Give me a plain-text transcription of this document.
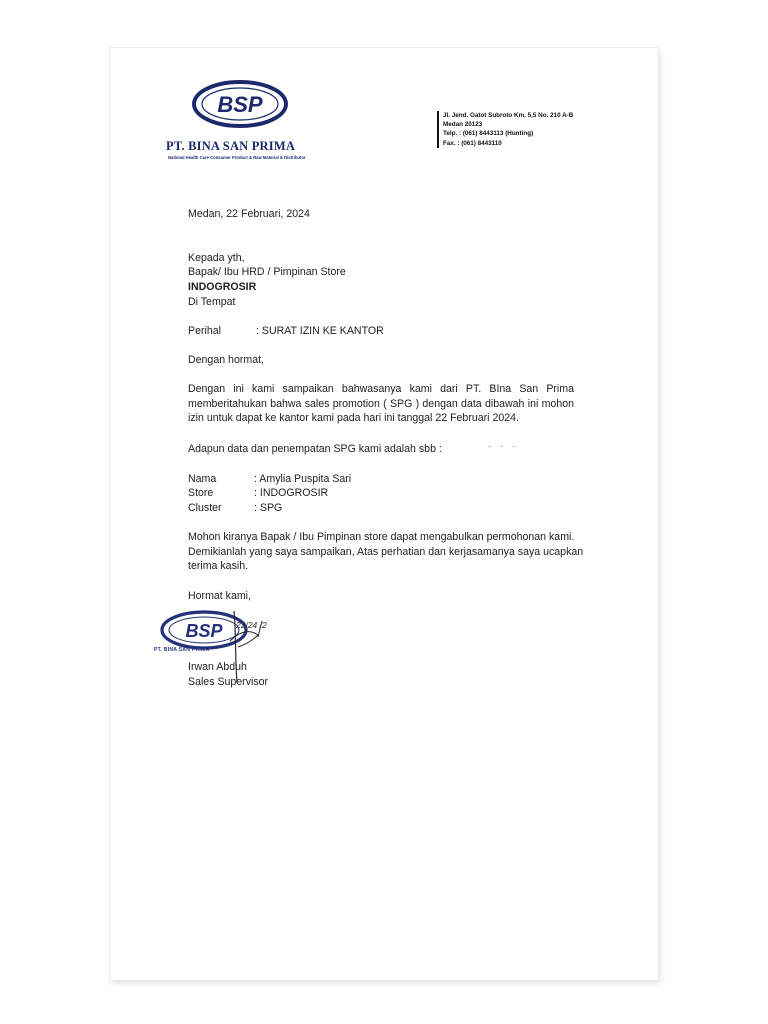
BSP
PT. BINA SAN PRIMA
National Health Care Consumer Product & Raw Material & Distributor
Jl. Jend. Gatot Subroto Km. 5,5 No. 210 A-B
Medan 20123
Telp. : (061) 8443113 (Hunting)
Fax. : (061) 8443110
Medan, 22 Februari, 2024
Kepada yth,
Bapak/ Ibu HRD / Pimpinan Store
INDOGROSIR
Di Tempat
Perihal	: SURAT IZIN KE KANTOR
Dengan hormat,
Dengan ini kami sampaikan bahwasanya kami dari PT. BIna San Prima memberitahukan bahwa sales promotion ( SPG ) dengan data dibawah ini mohon izin untuk dapat ke kantor kami pada hari ini tanggal 22 Februari 2024.
Adapun data dan penempatan SPG kami adalah sbb :
Nama	: Amylia Puspita Sari
Store	: INDOGROSIR
Cluster	: SPG
Mohon kiranya Bapak / Ibu Pimpinan store dapat mengabulkan permohonan kami.
Demikianlah yang saya sampaikan, Atas perhatian dan kerjasamanya saya ucapkan
terima kasih.
Hormat kami,
Irwan Abduh
Sales Supervisor
BSP
PT. BINA SAN PRIMA
22/24 /2
· · ·
